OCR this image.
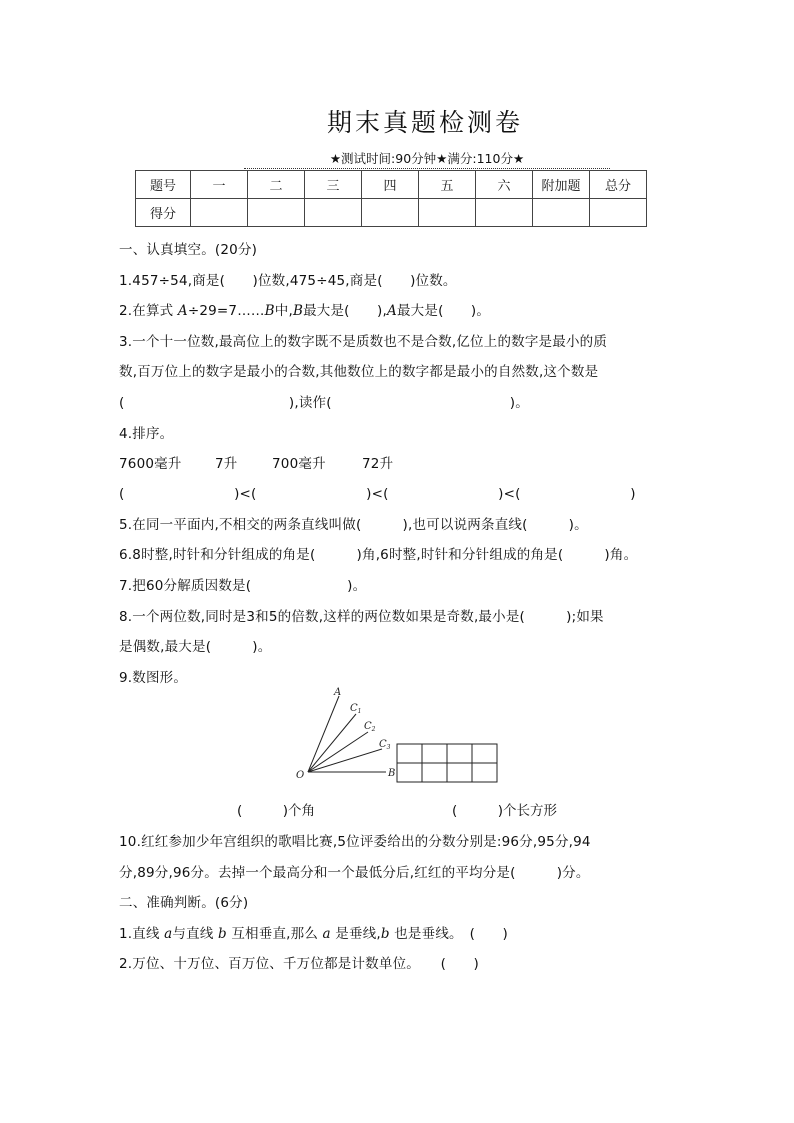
期末真题检测卷
★测试时间:90分钟★满分:110分★
题号	一	二	三	四	五	六	附加题	总分
得分								
一、认真填空。(20分)
1.457÷54,商是(　　)位数,475÷45,商是(　　)位数。
2.在算式 A÷29=7……B中,B最大是(　　),A最大是(　　)。
3.一个十一位数,最高位上的数字既不是质数也不是合数,亿位上的数字是最小的质
数,百万位上的数字是最小的合数,其他数位上的数字都是最小的自然数,这个数是
(　　　　　　　　　　　　),读作(　　　　　　　　　　　　　)。
4.排序。
7600毫升 7升	700毫升	72升
(　　　　　　　　)<(　　　　　　　　)<(　　　　　　　　)<(　　　　　　　　)
5.在同一平面内,不相交的两条直线叫做(　　　),也可以说两条直线(　　　)。
6.8时整,时针和分针组成的角是(　　　)角,6时整,时针和分针组成的角是(　　　)角。
7.把60分解质因数是(　　　　　　　)。
8.一个两位数,同时是3和5的倍数,这样的两位数如果是奇数,最小是(　　　);如果
是偶数,最大是(　　　)。
9.数图形。
A
$C_1$
$C_2$
$C_3$
O	B
(　　　)个角	(　　　)个长方形
10.红红参加少年宫组织的歌唱比赛,5位评委给出的分数分别是:96分,95分,94
分,89分,96分。去掉一个最高分和一个最低分后,红红的平均分是(　　　)分。
二、准确判断。(6分)
1.直线 a与直线 b 互相垂直,那么 a 是垂线,b 也是垂线。　(　　)
2.万位、十万位、百万位、千万位都是计数单位。　　(　　)
